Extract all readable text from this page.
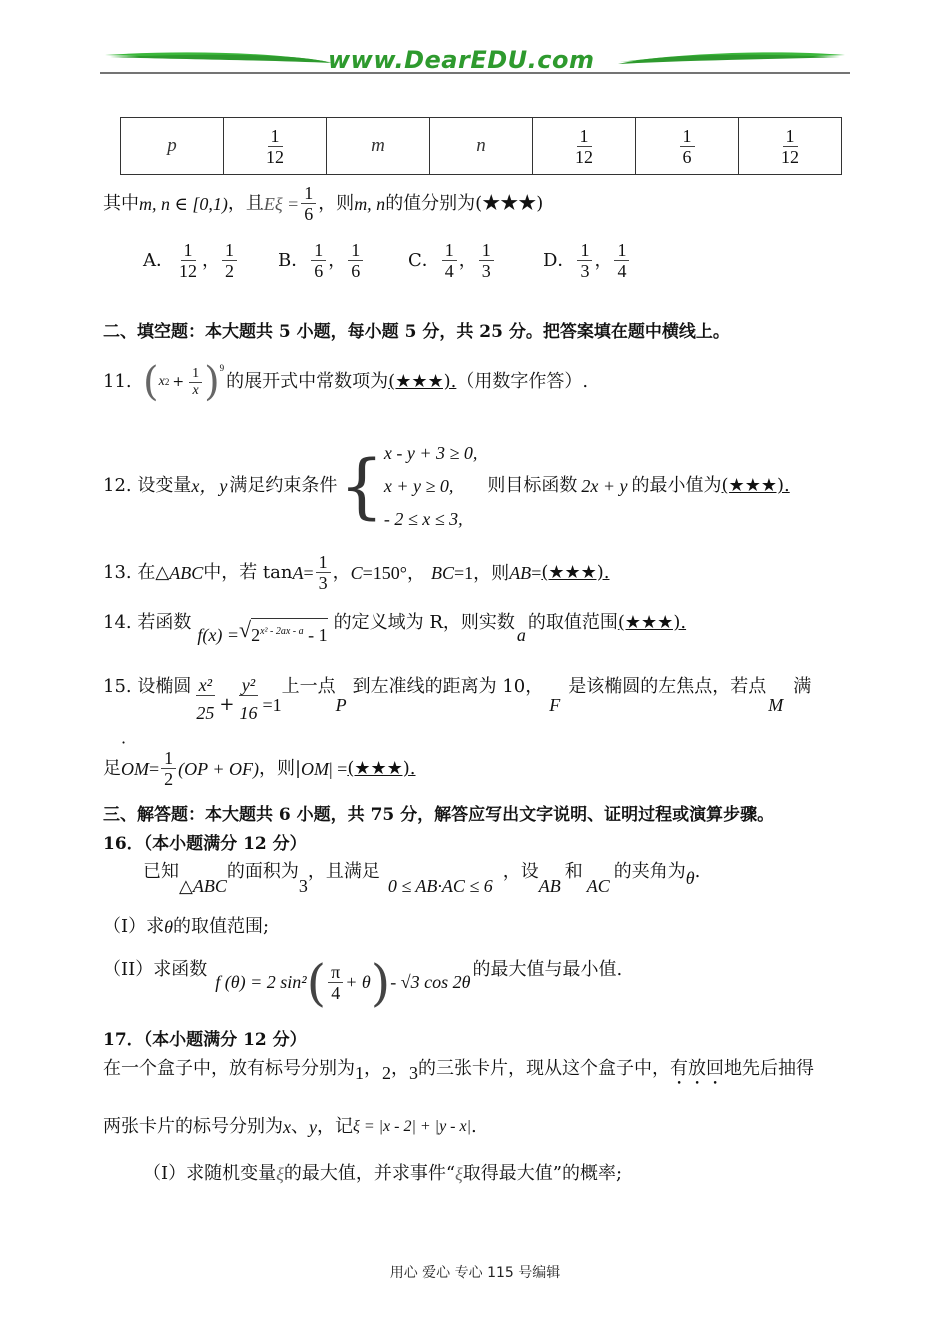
www.DearEDU.com
p	$\frac{1}{12}$	m	n	$\frac{1}{12}$	$\frac{1}{6}$	$\frac{1}{12}$
其中 m, n ∈ [0,1) ，且 $E\xi = \frac{1}{6}$ ，则 m, n 的值分别为(★★★)
A． $\frac{1}{12}$ ， $\frac{1}{2}$ B． $\frac{1}{6}$ ， $\frac{1}{6}$ C． $\frac{1}{4}$ ， $\frac{1}{3}$	D． $\frac{1}{3}$ ， $\frac{1}{4}$
二、填空题：本大题共 5 小题，每小题 5 分，共 25 分。把答案填在题中横线上。
11. ( x $2 + \frac{1}{x} )^9$
的展开式中常数项为 (★★★). （用数字作答）.
12. 设变量 x， y 满足约束条件 { x - y + 3 ≥ 0,
x + y ≥ 0,
- 2 ≤ x ≤ 3,
则目标函数 2x + y 的最小值为 (★★★).
13. 在△ ABC 中，若 $\tan A = \frac{1}{3}$ ， C =150°， BC =1，则 AB = (★★★).
14. 若函数
f(x) = √ $2^{x^2 - 2ax - a} - 1$
的定义域为 R，则实数
a
的取值范围 (★★★).
15. 设椭圆 $\frac{\text{x²}}{25} + \frac{\text{y²}}{16} =1$
上一点
P
到左准线的距离为 10，
F
是该椭圆的左焦点，若点
M
满
·
足 OM = $\frac{1}{2} (OP + OF)$ ，则| OM | = (★★★).
三、解答题：本大题共 6 小题，共 75 分，解答应写出文字说明、证明过程或演算步骤。
16．（本小题满分 12 分）
已知
△ABC
的面积为
3
，且满足
0 ≤ AB·AC ≤ 6
，设
AB
和
AC
的夹角为 θ .
（I）求 θ 的取值范围;
（II）求函数
f (θ) = 2 sin² ( $\frac{\pi}{4} + \theta$ ) - √3 cos 2θ
的最大值与最小值.
17．（本小题满分 12 分）
在一个盒子中，放有标号分别为 1 ， 2 ， 3 的三张卡片，现从这个盒子中， 有放回 地先后抽得
两张卡片的标号分别为 x 、 y ，记 ξ = |x - 2| + |y - x| .
（Ⅰ）求随机变量 ξ 的最大值，并求事件“ ξ 取得最大值”的概率;
用心 爱心 专心 115 号编辑
